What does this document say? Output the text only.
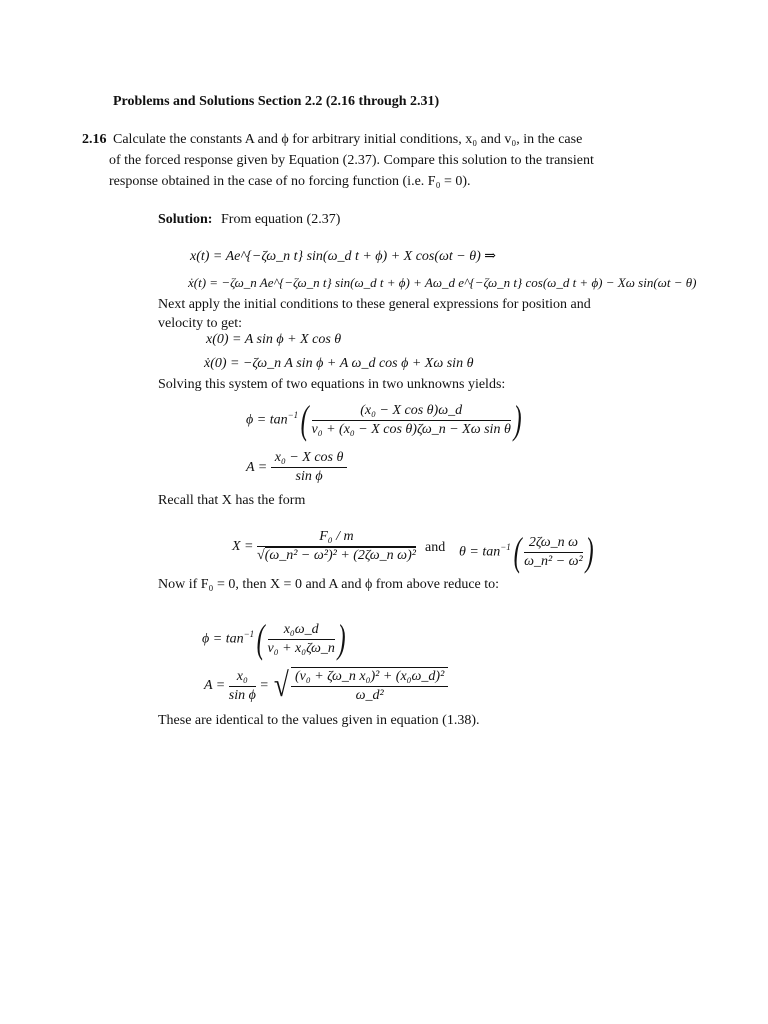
Problems and Solutions Section 2.2 (2.16 through 2.31)
2.16 Calculate the constants A and ϕ for arbitrary initial conditions, x₀ and v₀, in the case
of the forced response given by Equation (2.37). Compare this solution to the transient
response obtained in the case of no forcing function (i.e. F₀ = 0).
Solution: From equation (2.37)
x(t) = Ae^{−ζω_n t} sin(ω_d t + ϕ) + X cos(ωt − θ) ⇒
ẋ(t) = −ζω_n Ae^{−ζω_n t} sin(ω_d t + ϕ) + Aω_d e^{−ζω_n t} cos(ω_d t + ϕ) − Xω sin(ωt − θ)
Next apply the initial conditions to these general expressions for position and
velocity to get:
x(0) = A sin ϕ + X cos θ
ẋ(0) = −ζω_n A sin ϕ + A ω_d cos ϕ + Xω sin θ
Solving this system of two equations in two unknowns yields:
$\phi = \tan^{-1}( \frac{\text{(x₀ − X cos θ)ω\_d}}{\text{v₀ + (x₀ − X cos θ)ζω\_n − Xω sin θ}}$ )
$A = \frac{\text{x₀ − X cos θ}}{\text{sin ϕ}}$
Recall that X has the form
$X = \frac{\text{F₀ / m}}{\text{√(ω\_n² − ω²)² + (2ζω\_n ω)²}}$ and $\theta = \tan^{-1}( \frac{\text{2ζω\_n ω}}{\text{ω\_n² − ω²}}$ )
Now if F₀ = 0, then X = 0 and A and ϕ from above reduce to:
$\phi = \tan^{-1}( \frac{\text{x₀ω\_d}}{\text{v₀ + x₀ζω\_n}}$ )
$A = \frac{\text{x₀}}{\text{sin ϕ}}$ = √ $\frac{\text{(v₀ + ζω\_n x₀)² + (x₀ω\_d)²}}{\text{ω\_d²}}$
These are identical to the values given in equation (1.38).
